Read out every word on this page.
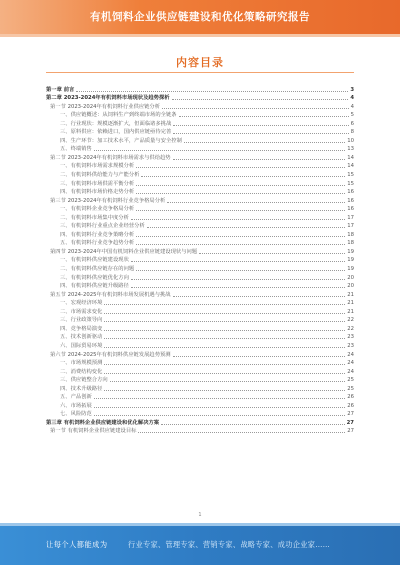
有机饲料企业供应链建设和优化策略研究报告
内容目录
第一章 前言	3
第二章 2023-2024年有机饲料市场现状及趋势探析	4
第一节 2023-2024年有机饲料行业供应链分析	4
一、供应链概述：从饲料生产到终端市场的全链条	5
二、行业现状：规模逐渐扩大，但面临诸多挑战	6
三、原料供应：依赖进口，国内供应链亟待完善	8
四、生产环节：加工技术水平，产品质量与安全控制	10
五、终端销售	13
第二节 2023-2024年有机饲料市场需求与供给趋势	14
一、有机饲料市场需求规模分析	14
二、有机饲料供给能力与产能分析	15
三、有机饲料市场供需平衡分析	15
四、有机饲料市场价格走势分析	16
第三节 2023-2024年有机饲料行业竞争格局分析	16
一、有机饲料企业竞争格局分析	16
二、有机饲料市场集中度分析	17
三、有机饲料行业重点企业经营分析	17
四、有机饲料行业竞争策略分析	18
五、有机饲料行业竞争趋势分析	18
第四节 2023-2024年中国有机饲料企业供应链建设现状与问题	19
一、有机饲料供应链建设现状	19
二、有机饲料供应链存在的问题	19
三、有机饲料供应链优化方向	20
四、有机饲料供应链升级路径	20
第五节 2024-2025年有机饲料市场发展机遇与挑战	21
一、宏观经济环境	21
二、市场需求变化	21
三、行业政策导向	22
四、竞争格局演变	22
五、技术创新驱动	23
六、国际贸易环境	23
第六节 2024-2025年有机饲料供应链发展趋势预测	24
一、市场规模预测	24
二、消费结构变化	24
三、供应链整合方向	25
四、技术升级路径	25
五、产品创新	26
六、市场拓展	26
七、风险防范	27
第三章 有机饲料企业供应链建设和优化解决方案	27
第一节 有机饲料企业供应链建设目标	27
1
让每个人都能成为	行业专家、管理专家、营销专家、战略专家、成功企业家……
